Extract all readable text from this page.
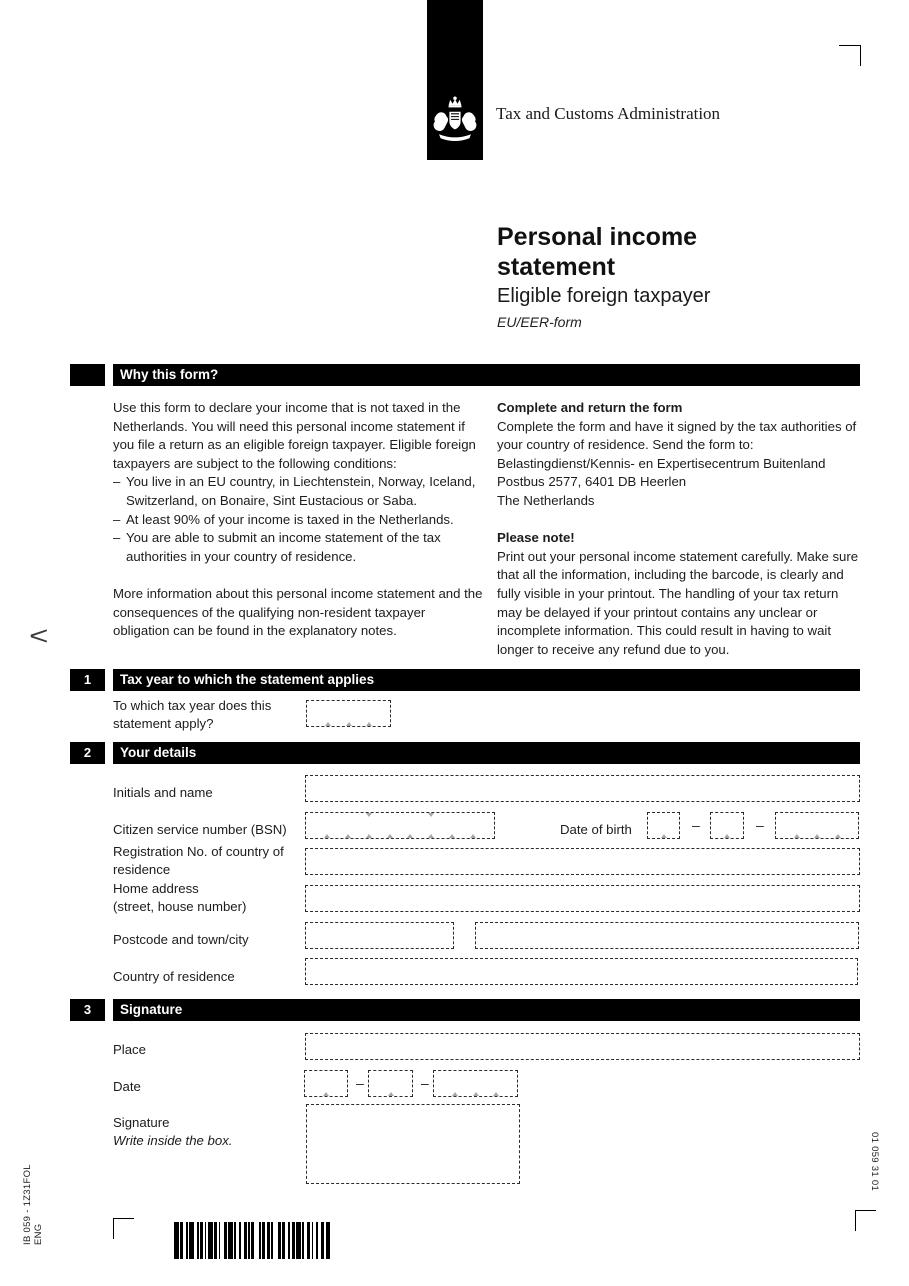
Tax and Customs Administration
Personal income
statement
Eligible foreign taxpayer
EU/EER-form
Why this form?
Use this form to declare your income that is not taxed in the Netherlands. You will need this personal income statement if you file a return as an eligible foreign taxpayer. Eligible foreign taxpayers are subject to the following conditions:
– You live in an EU country, in Liechtenstein, Norway, Iceland, Switzerland, on Bonaire, Sint Eustacious or Saba.
– At least 90% of your income is taxed in the Netherlands.
– You are able to submit an income statement of the tax authorities in your country of residence.
More information about this personal income statement and the consequences of the qualifying non-resident taxpayer obligation can be found in the explanatory notes.
Complete and return the form
Complete the form and have it signed by the tax authorities of your country of residence. Send the form to:
Belastingdienst/Kennis- en Expertisecentrum Buitenland
Postbus 2577, 6401 DB Heerlen
The Netherlands
Please note!
Print out your personal income statement carefully. Make sure that all the information, including the barcode, is clearly and fully visible in your printout. The handling of your tax return may be delayed if your printout contains any unclear or incomplete information. This could result in having to wait longer to receive any refund due to you.
<
1	Tax year to which the statement applies
To which tax year does this statement apply?
2	Your details
Initials and name
Citizen service number (BSN)	Date of birth	–	–
Registration No. of country of residence
Home address
(street, house number)
Postcode and town/city
Country of residence
3	Signature
Place
Date	–	–
Signature
Write inside the box.
IB 059 - 1Z31FOL ENG
01 059 31 01
